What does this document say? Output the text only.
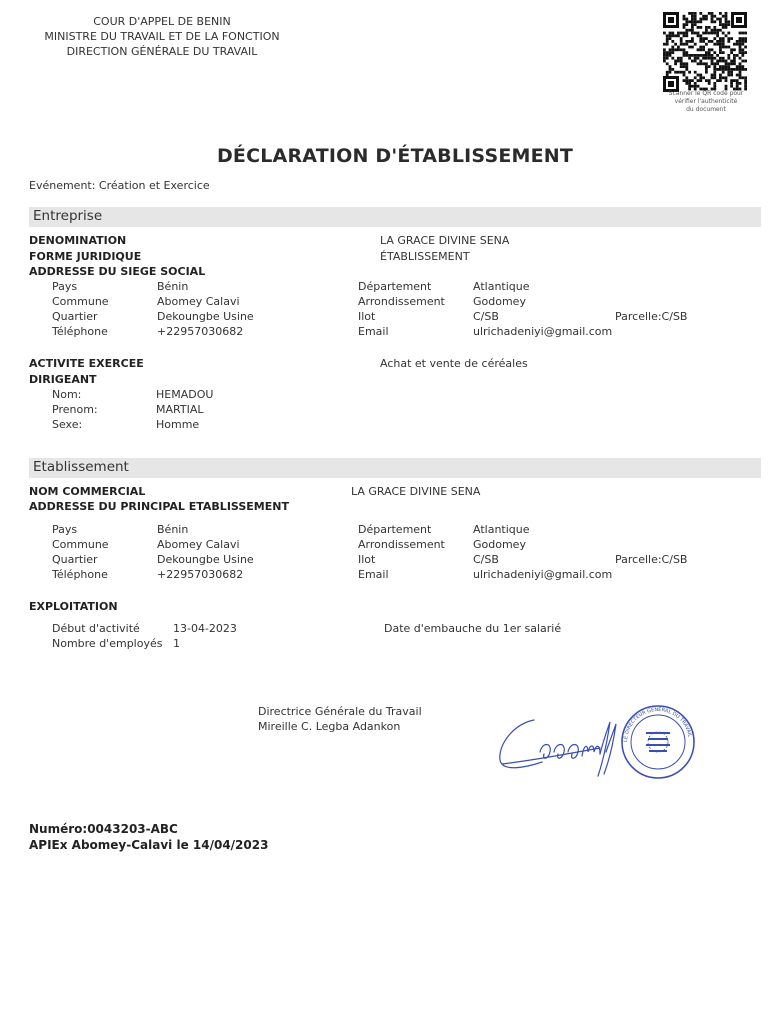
COUR D'APPEL DE BENIN
MINISTRE DU TRAVAIL ET DE LA FONCTION
DIRECTION GÉNÉRALE DU TRAVAIL
Scanner le QR code pour
vérifier l'authenticité
du document
DÉCLARATION D'ÉTABLISSEMENT
Evénement: Création et Exercice
Entreprise
DENOMINATION	LA GRACE DIVINE SENA
FORME JURIDIQUE	ÉTABLISSEMENT
ADDRESSE DU SIEGE SOCIAL
Pays	Bénin	Département	Atlantique
Commune	Abomey Calavi	Arrondissement	Godomey
Quartier	Dekoungbe Usine	Ilot	C/SB	Parcelle:C/SB
Téléphone	+22957030682	Email	ulrichadeniyi@gmail.com
ACTIVITE EXERCEE	Achat et vente de céréales
DIRIGEANT
Nom:	HEMADOU
Prenom:	MARTIAL
Sexe:	Homme
Etablissement
NOM COMMERCIAL	LA GRACE DIVINE SENA
ADDRESSE DU PRINCIPAL ETABLISSEMENT
Pays	Bénin	Département	Atlantique
Commune	Abomey Calavi	Arrondissement	Godomey
Quartier	Dekoungbe Usine	Ilot	C/SB	Parcelle:C/SB
Téléphone	+22957030682	Email	ulrichadeniyi@gmail.com
EXPLOITATION
Début d'activité	13-04-2023	Date d'embauche du 1er salarié
Nombre d'employés 1
Directrice Générale du Travail
Mireille C. Legba Adankon
LE DIRECTEUR GÉNÉRAL DU TRAVAIL
Numéro:0043203-ABC
APIEx Abomey-Calavi le 14/04/2023
